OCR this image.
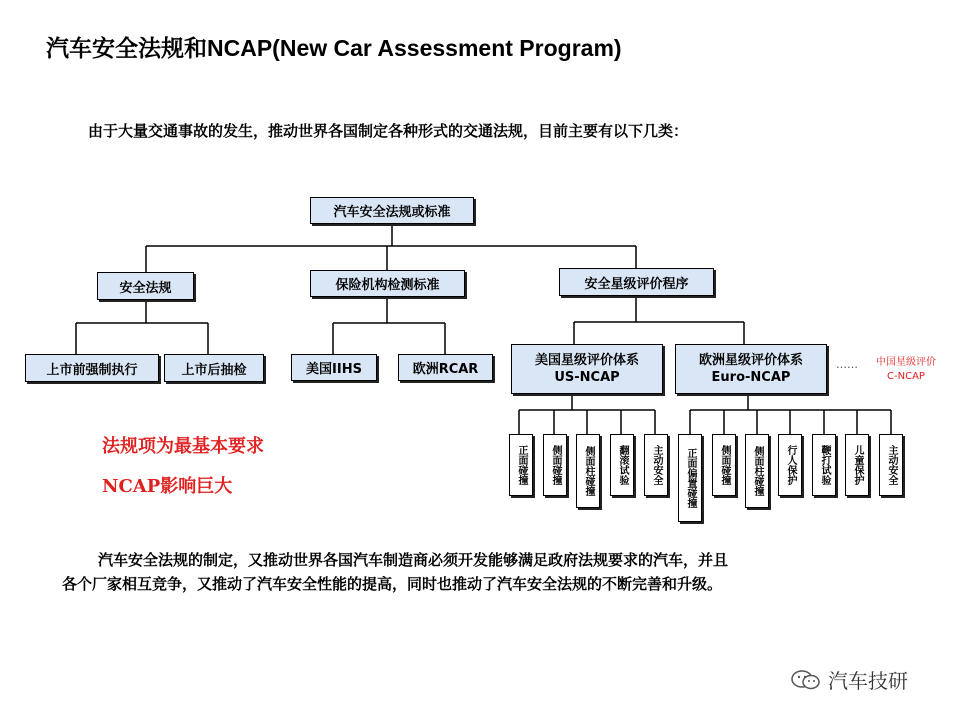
汽车安全法规和NCAP(New Car Assessment Program)
由于大量交通事故的发生，推动世界各国制定各种形式的交通法规，目前主要有以下几类：
汽车安全法规或标准
安全法规	保险机构检测标准	安全星级评价程序
上市前强制执行	上市后抽检	美国IIHS	欧洲RCAR
美国星级评价体系
US-NCAP
欧洲星级评价体系
Euro-NCAP
……	中国星级评价
C-NCAP
正面碰撞	侧面碰撞	侧面柱碰撞	翻滚试验	主动安全	正面偏置碰撞	侧面碰撞	侧面柱碰撞	行人保护	鞭打试验	儿童保护	主动安全
法规项为最基本要求
NCAP影响巨大
汽车安全法规的制定，又推动世界各国汽车制造商必须开发能够满足政府法规要求的汽车，并且
各个厂家相互竞争，又推动了汽车安全性能的提高，同时也推动了汽车安全法规的不断完善和升级。
汽车技研
